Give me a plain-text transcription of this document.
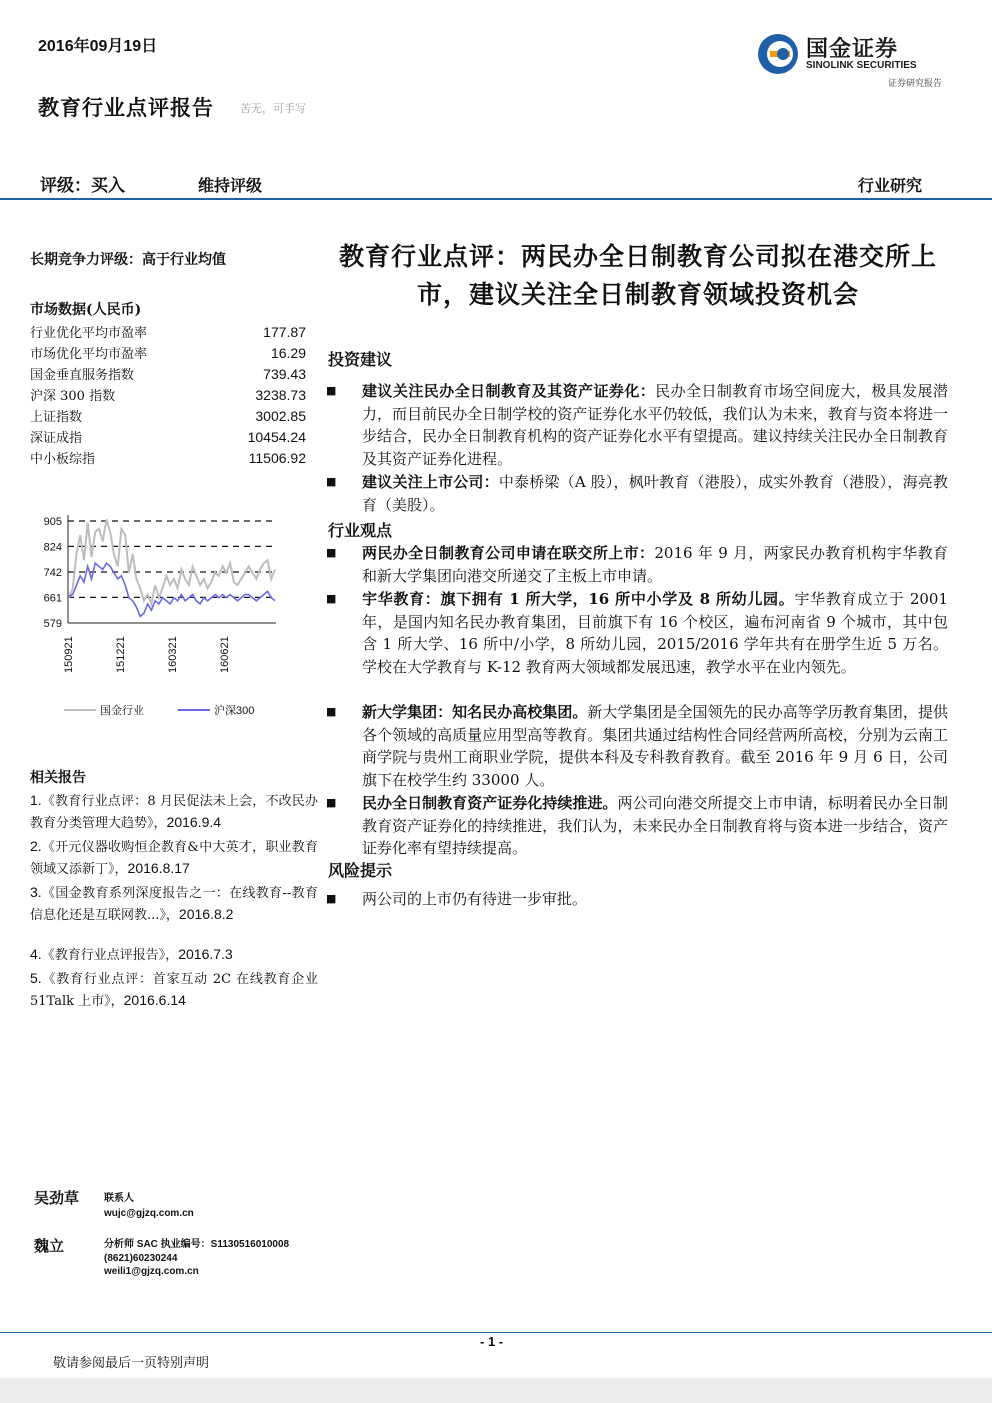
2016年09月19日	国金证券
SINOLINK SECURITIES
证券研究报告
教育行业点评报告 苦无，可手写
评级：买入	维持评级	行业研究
长期竞争力评级：高于行业均值
市场数据(人民币)
行业优化平均市盈率	177.87
市场优化平均市盈率	16.29
国金垂直服务指数	739.43
沪深 300 指数	3238.73
上证指数	3002.85
深证成指	10454.24
中小板综指	11506.92
905
824
742
661
579
150921	151221	160321	160621
国金行业	沪深300
相关报告
1.《教育行业点评：8 月民促法未上会，不改民办教育分类管理大趋势》，2016.9.4
2.《开元仪器收购恒企教育&中大英才，职业教育领域又添新丁》，2016.8.17
3.《国金教育系列深度报告之一：在线教育--教育信息化还是互联网教...》，2016.8.2
4.《教育行业点评报告》，2016.7.3
5.《教育行业点评：首家互动 2C 在线教育企业 51Talk 上市》，2016.6.14
吴劲草 联系人
wujc@gjzq.com.cn
魏立	分析师 SAC 执业编号：S1130516010008
(8621)60230244
weili1@gjzq.com.cn
教育行业点评：两民办全日制教育公司拟在港交所上市，建议关注全日制教育领域投资机会
投资建议
■ 建议关注民办全日制教育及其资产证券化：民办全日制教育市场空间庞大，极具发展潜力，而目前民办全日制学校的资产证券化水平仍较低，我们认为未来，教育与资本将进一步结合，民办全日制教育机构的资产证券化水平有望提高。建议持续关注民办全日制教育及其资产证券化进程。
■ 建议关注上市公司：中泰桥梁（A 股），枫叶教育（港股），成实外教育（港股），海亮教育（美股）。
行业观点
■ 两民办全日制教育公司申请在联交所上市：2016 年 9 月，两家民办教育机构宇华教育和新大学集团向港交所递交了主板上市申请。
■ 宇华教育：旗下拥有 1 所大学，16 所中小学及 8 所幼儿园。宇华教育成立于 2001 年，是国内知名民办教育集团，目前旗下有 16 个校区，遍布河南省 9 个城市，其中包含 1 所大学、16 所中/小学，8 所幼儿园，2015/2016 学年共有在册学生近 5 万名。学校在大学教育与 K-12 教育两大领域都发展迅速，教学水平在业内领先。
■ 新大学集团：知名民办高校集团。新大学集团是全国领先的民办高等学历教育集团，提供各个领域的高质量应用型高等教育。集团共通过结构性合同经营两所高校，分别为云南工商学院与贵州工商职业学院，提供本科及专科教育教育。截至 2016 年 9 月 6 日，公司旗下在校学生约 33000 人。
■ 民办全日制教育资产证券化持续推进。两公司向港交所提交上市申请，标明着民办全日制教育资产证券化的持续推进，我们认为，未来民办全日制教育将与资本进一步结合，资产证券化率有望持续提高。
风险提示
■ 两公司的上市仍有待进一步审批。
- 1 -
敬请参阅最后一页特别声明
